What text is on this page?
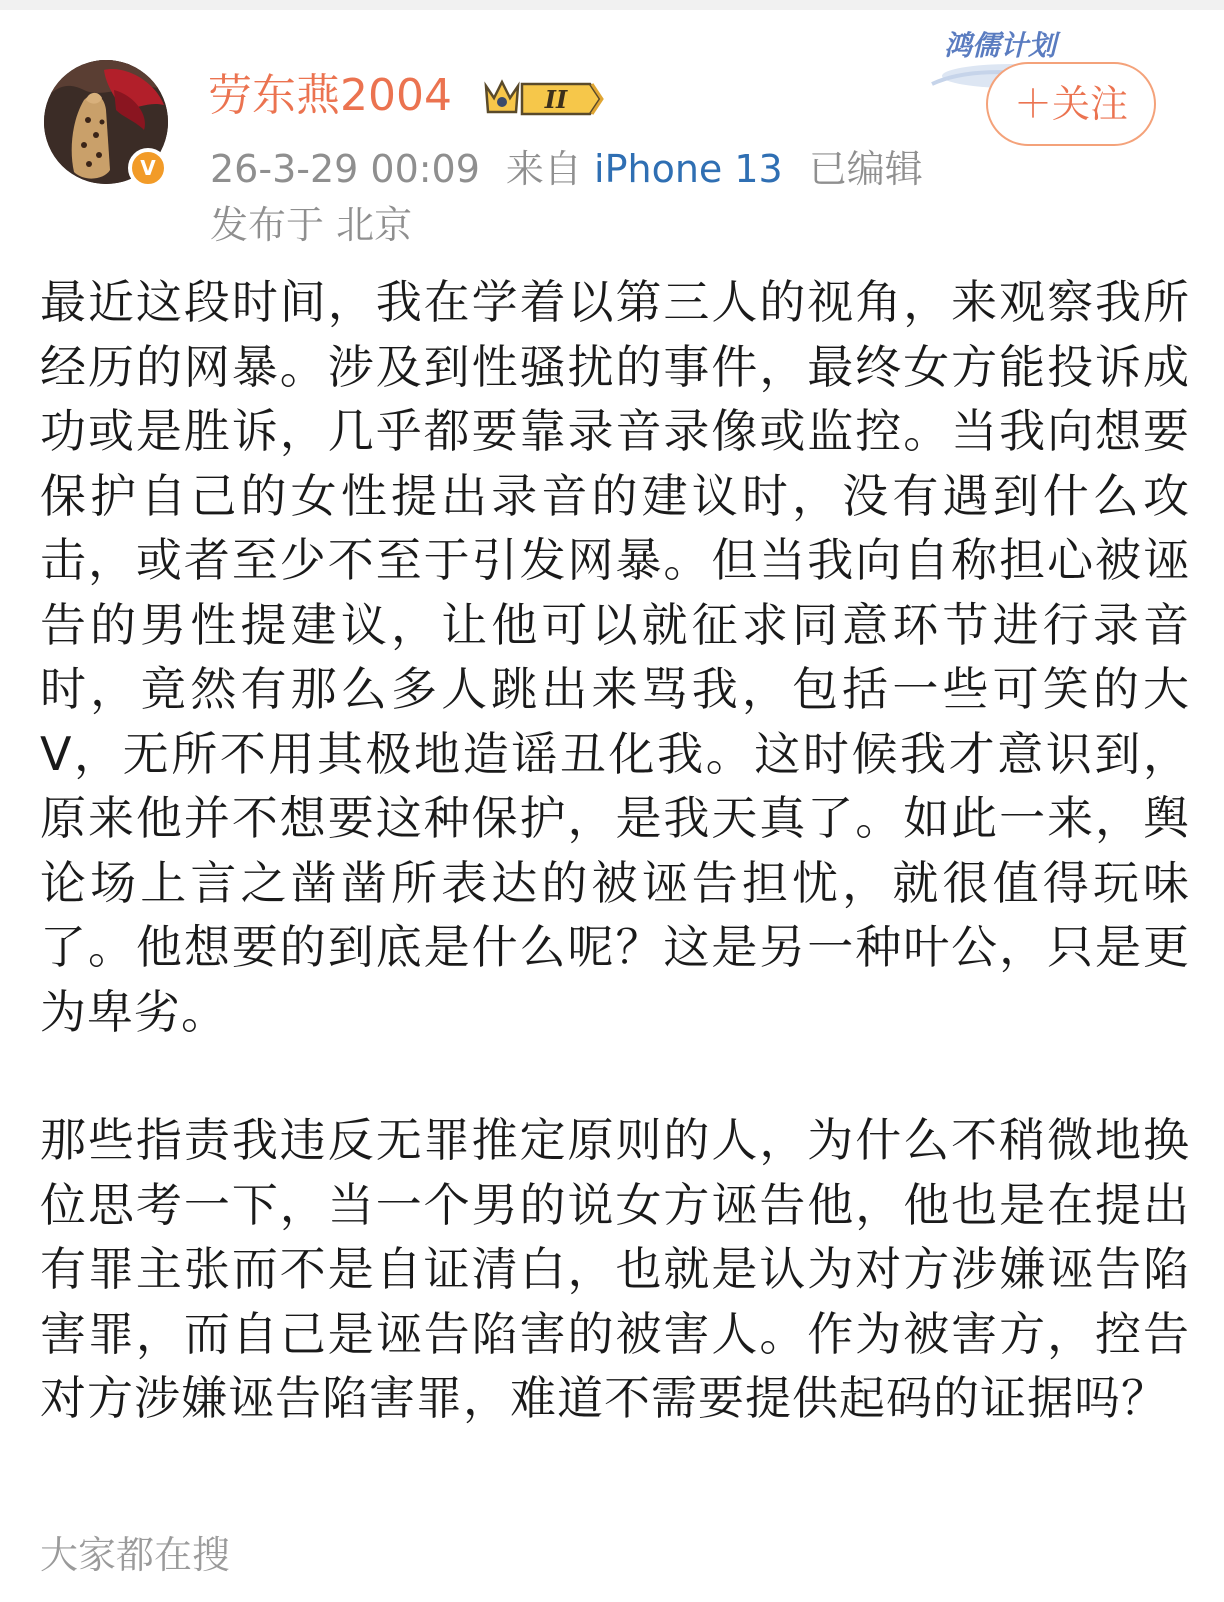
V
劳东燕2004	II
26-3-29 00:09 来自 iPhone 13 已编辑
发布于 北京
鸿儒计划
＋关注

最近这段时间，我在学着以第三人的视角，来观察我所经历的网暴。涉及到性骚扰的事件，最终女方能投诉成功或是胜诉，几乎都要靠录音录像或监控。当我向想要保护自己的女性提出录音的建议时，没有遇到什么攻击，或者至少不至于引发网暴。但当我向自称担心被诬告的男性提建议，让他可以就征求同意环节进行录音时，竟然有那么多人跳出来骂我，包括一些可笑的大V，无所不用其极地造谣丑化我。这时候我才意识到，原来他并不想要这种保护，是我天真了。如此一来，舆论场上言之凿凿所表达的被诬告担忧，就很值得玩味了。他想要的到底是什么呢？这是另一种叶公，只是更为卑劣。

那些指责我违反无罪推定原则的人，为什么不稍微地换位思考一下，当一个男的说女方诬告他，他也是在提出有罪主张而不是自证清白，也就是认为对方涉嫌诬告陷害罪，而自己是诬告陷害的被害人。作为被害方，控告对方涉嫌诬告陷害罪，难道不需要提供起码的证据吗？

大家都在搜
